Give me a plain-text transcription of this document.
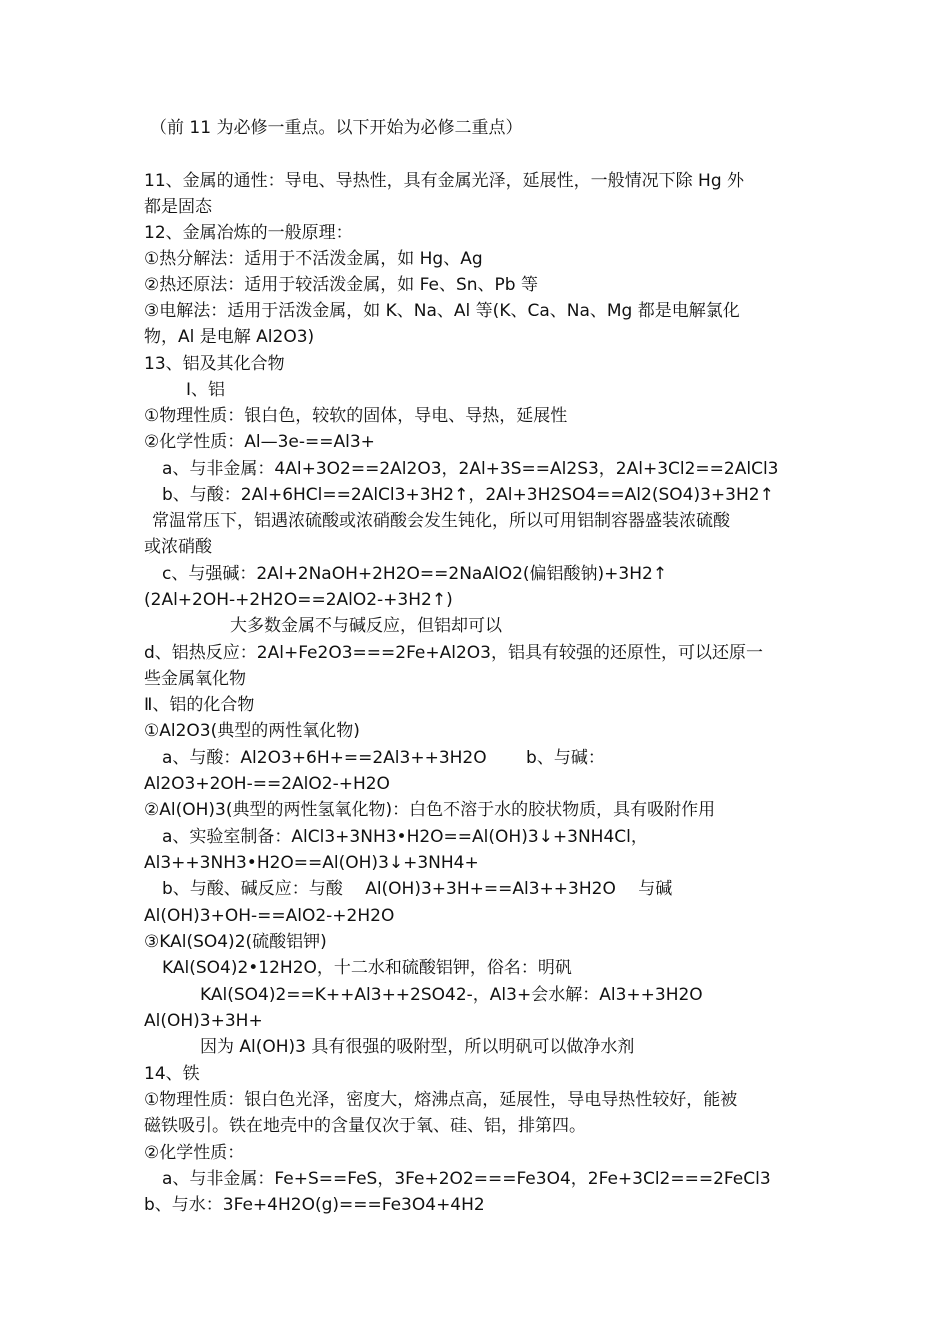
（前 11 为必修一重点。以下开始为必修二重点）
11、金属的通性：导电、导热性，具有金属光泽，延展性，一般情况下除 Hg 外
都是固态
12、金属冶炼的一般原理：
①热分解法：适用于不活泼金属，如 Hg、Ag
②热还原法：适用于较活泼金属，如 Fe、Sn、Pb 等
③电解法：适用于活泼金属，如 K、Na、Al 等(K、Ca、Na、Mg 都是电解氯化
物，Al 是电解 Al2O3)
13、铝及其化合物
Ⅰ、铝
①物理性质：银白色，较软的固体，导电、导热，延展性
②化学性质：Al—3e-==Al3+
a、与非金属：4Al+3O2==2Al2O3，2Al+3S==Al2S3，2Al+3Cl2==2AlCl3
b、与酸：2Al+6HCl==2AlCl3+3H2↑，2Al+3H2SO4==Al2(SO4)3+3H2↑
常温常压下，铝遇浓硫酸或浓硝酸会发生钝化，所以可用铝制容器盛装浓硫酸
或浓硝酸
c、与强碱：2Al+2NaOH+2H2O==2NaAlO2(偏铝酸钠)+3H2↑
(2Al+2OH-+2H2O==2AlO2-+3H2↑)
大多数金属不与碱反应，但铝却可以
d、铝热反应：2Al+Fe2O3===2Fe+Al2O3，铝具有较强的还原性，可以还原一
些金属氧化物
Ⅱ、铝的化合物
①Al2O3(典型的两性氧化物)
a、与酸：Al2O3+6H+==2Al3++3H2O　　 b、与碱：
Al2O3+2OH-==2AlO2-+H2O
②Al(OH)3(典型的两性氢氧化物)：白色不溶于水的胶状物质，具有吸附作用
a、实验室制备：AlCl3+3NH3•H2O==Al(OH)3↓+3NH4Cl，
Al3++3NH3•H2O==Al(OH)3↓+3NH4+
b、与酸、碱反应：与酸　 Al(OH)3+3H+==Al3++3H2O　 与碱
Al(OH)3+OH-==AlO2-+2H2O
③KAl(SO4)2(硫酸铝钾)
KAl(SO4)2•12H2O，十二水和硫酸铝钾，俗名：明矾
KAl(SO4)2==K++Al3++2SO42-，Al3+会水解：Al3++3H2O
Al(OH)3+3H+
因为 Al(OH)3 具有很强的吸附型，所以明矾可以做净水剂
14、铁
①物理性质：银白色光泽，密度大，熔沸点高，延展性，导电导热性较好，能被
磁铁吸引。铁在地壳中的含量仅次于氧、硅、铝，排第四。
②化学性质：
a、与非金属：Fe+S==FeS，3Fe+2O2===Fe3O4，2Fe+3Cl2===2FeCl3
b、与水：3Fe+4H2O(g)===Fe3O4+4H2
